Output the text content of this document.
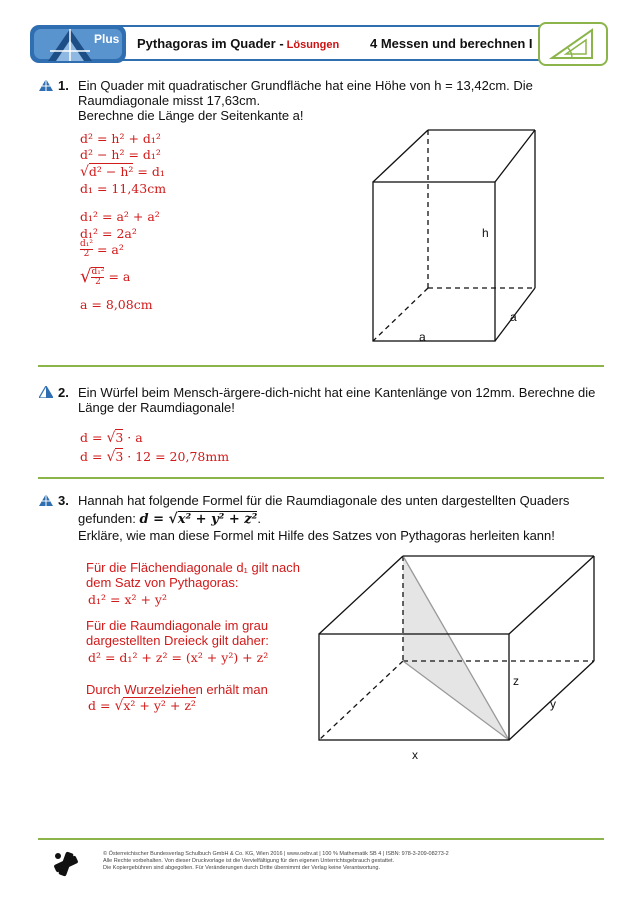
Plus Pythagoras im Quader - Lösungen 4 Messen und berechnen I
1. Ein Quader mit quadratischer Grundfläche hat eine Höhe von h = 13,42cm. Die
Raumdiagonale misst 17,63cm.
Berechne die Länge der Seitenkante a!
d² = h² + d₁²
d² − h² = d₁²
√d² − h² = d₁
d₁ = 11,43cm
d₁² = a² + a²
d₁² = 2a²
$\frac{\text{d₁²}}{2} = a^2$
√ $\frac{\text{d₁²}}{2} = a$
a = 8,08cm
h
a
a
2. Ein Würfel beim Mensch-ärgere-dich-nicht hat eine Kantenlänge von 12mm. Berechne die
Länge der Raumdiagonale!
d = √3 · a
d = √3 · 12 = 20,78mm
3. Hannah hat folgende Formel für die Raumdiagonale des unten dargestellten Quaders
gefunden: d = √x² + y² + z².
Erkläre, wie man diese Formel mit Hilfe des Satzes von Pythagoras herleiten kann!
Für die Flächendiagonale d₁ gilt nach
dem Satz von Pythagoras:
d₁² = x² + y²
Für die Raumdiagonale im grau
dargestellten Dreieck gilt daher:
d² = d₁² + z² = (x² + y²) + z²
Durch Wurzelziehen erhält man
d = √x² + y² + z²
x
z
y
© Österreichischer Bundesverlag Schulbuch GmbH & Co. KG, Wien 2016 | www.oebv.at | 100 % Mathematik SB 4 | ISBN: 978-3-209-08273-2
Alle Rechte vorbehalten. Von dieser Druckvorlage ist die Vervielfältigung für den eigenen Unterrichtsgebrauch gestattet.
Die Kopiergebühren sind abgegolten. Für Veränderungen durch Dritte übernimmt der Verlag keine Verantwortung.
